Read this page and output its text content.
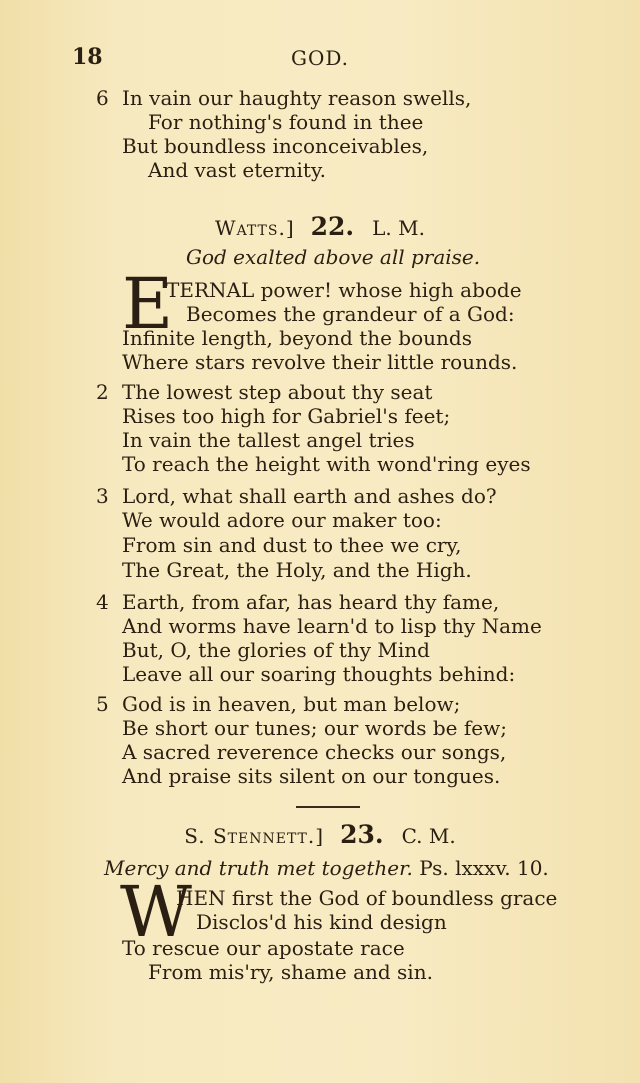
18	GOD.
6 In vain our haughty reason swells,
For nothing's found in thee
But boundless inconceivables,
And vast eternity.
Watts.] 22. L. M.
God exalted above all praise.
E
TERNAL power! whose high abode
Becomes the grandeur of a God:
Infinite length, beyond the bounds
Where stars revolve their little rounds.
2 The lowest step about thy seat
Rises too high for Gabriel's feet;
In vain the tallest angel tries
To reach the height with wond'ring eyes
3 Lord, what shall earth and ashes do?
We would adore our maker too:
From sin and dust to thee we cry,
The Great, the Holy, and the High.
4 Earth, from afar, has heard thy fame,
And worms have learn'd to lisp thy Name
But, O, the glories of thy Mind
Leave all our soaring thoughts behind:
5 God is in heaven, but man below;
Be short our tunes; our words be few;
A sacred reverence checks our songs,
And praise sits silent on our tongues.
S. Stennett.] 23. C. M.
Mercy and truth met together. Ps. lxxxv. 10.
W
HEN first the God of boundless grace
Disclos'd his kind design
To rescue our apostate race
From mis'ry, shame and sin.
